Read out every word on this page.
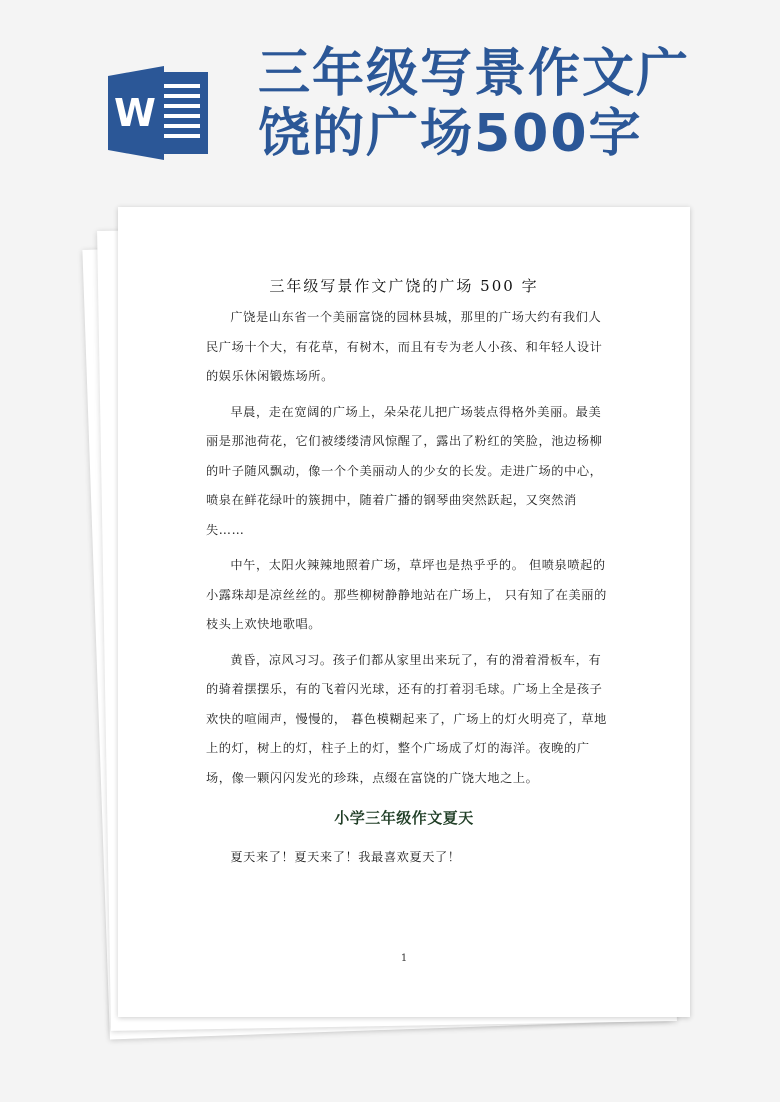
W
三年级写景作文广
饶的广场500字
三年级写景作文广饶的广场 500 字

广饶是山东省一个美丽富饶的园林县城，那里的广场大约有我们人民广场十个大，有花草，有树木，而且有专为老人小孩、和年轻人设计的娱乐休闲锻炼场所。

早晨，走在宽阔的广场上，朵朵花儿把广场装点得格外美丽。最美丽是那池荷花，它们被缕缕清风惊醒了，露出了粉红的笑脸，池边杨柳的叶子随风飘动，像一个个美丽动人的少女的长发。走进广场的中心，喷泉在鲜花绿叶的簇拥中，随着广播的钢琴曲突然跃起，又突然消失……

中午，太阳火辣辣地照着广场，草坪也是热乎乎的。 但喷泉喷起的小露珠却是凉丝丝的。那些柳树静静地站在广场上， 只有知了在美丽的枝头上欢快地歌唱。

黄昏，凉风习习。孩子们都从家里出来玩了，有的滑着滑板车，有的骑着摆摆乐，有的飞着闪光球，还有的打着羽毛球。广场上全是孩子欢快的喧闹声，慢慢的， 暮色模糊起来了，广场上的灯火明亮了，草地上的灯，树上的灯，柱子上的灯，整个广场成了灯的海洋。夜晚的广场，像一颗闪闪发光的珍珠，点缀在富饶的广饶大地之上。

小学三年级作文夏天

夏天来了！夏天来了！我最喜欢夏天了！

1
